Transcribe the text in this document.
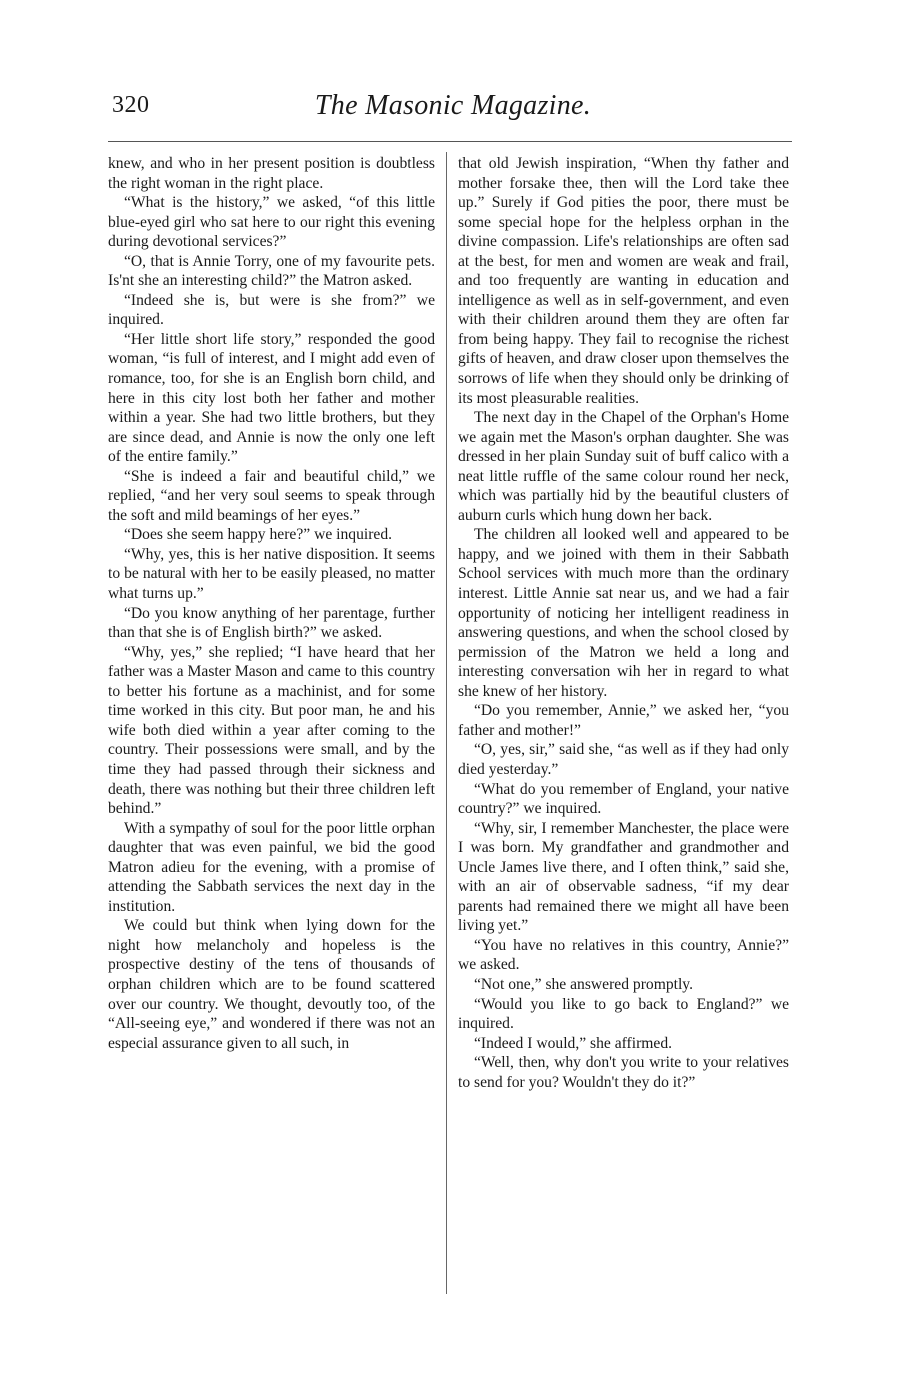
320	The Masonic Magazine.

knew, and who in her present position is doubtless the right woman in the right place.

“What is the history,” we asked, “of this little blue-eyed girl who sat here to our right this evening during devotional services?”

“O, that is Annie Torry, one of my favourite pets. Is'nt she an interesting child?” the Matron asked.

“Indeed she is, but were is she from?” we inquired.

“Her little short life story,” responded the good woman, “is full of interest, and I might add even of romance, too, for she is an English born child, and here in this city lost both her father and mother within a year. She had two little brothers, but they are since dead, and Annie is now the only one left of the entire family.”

“She is indeed a fair and beautiful child,” we replied, “and her very soul seems to speak through the soft and mild beamings of her eyes.”

“Does she seem happy here?” we inquired.

“Why, yes, this is her native disposition. It seems to be natural with her to be easily pleased, no matter what turns up.”

“Do you know anything of her parentage, further than that she is of English birth?” we asked.

“Why, yes,” she replied; “I have heard that her father was a Master Mason and came to this country to better his fortune as a machinist, and for some time worked in this city. But poor man, he and his wife both died within a year after coming to the country. Their possessions were small, and by the time they had passed through their sickness and death, there was nothing but their three children left behind.”

With a sympathy of soul for the poor little orphan daughter that was even painful, we bid the good Matron adieu for the evening, with a promise of attending the Sabbath services the next day in the institution.

We could but think when lying down for the night how melancholy and hopeless is the prospective destiny of the tens of thousands of orphan children which are to be found scattered over our country. We thought, devoutly too, of the “All-seeing eye,” and wondered if there was not an especial assurance given to all such, in

that old Jewish inspiration, “When thy father and mother forsake thee, then will the Lord take thee up.” Surely if God pities the poor, there must be some special hope for the helpless orphan in the divine compassion. Life's relationships are often sad at the best, for men and women are weak and frail, and too frequently are wanting in education and intelligence as well as in self-government, and even with their children around them they are often far from being happy. They fail to recognise the richest gifts of heaven, and draw closer upon themselves the sorrows of life when they should only be drinking of its most pleasurable realities.

The next day in the Chapel of the Orphan's Home we again met the Mason's orphan daughter. She was dressed in her plain Sunday suit of buff calico with a neat little ruffle of the same colour round her neck, which was partially hid by the beautiful clusters of auburn curls which hung down her back.

The children all looked well and appeared to be happy, and we joined with them in their Sabbath School services with much more than the ordinary interest. Little Annie sat near us, and we had a fair opportunity of noticing her intelligent readiness in answering questions, and when the school closed by permission of the Matron we held a long and interesting conversation wih her in regard to what she knew of her history.

“Do you remember, Annie,” we asked her, “you father and mother!”

“O, yes, sir,” said she, “as well as if they had only died yesterday.”

“What do you remember of England, your native country?” we inquired.

“Why, sir, I remember Manchester, the place were I was born. My grandfather and grandmother and Uncle James live there, and I often think,” said she, with an air of observable sadness, “if my dear parents had remained there we might all have been living yet.”

“You have no relatives in this country, Annie?” we asked.

“Not one,” she answered promptly.

“Would you like to go back to England?” we inquired.

“Indeed I would,” she affirmed.

“Well, then, why don't you write to your relatives to send for you? Wouldn't they do it?”
